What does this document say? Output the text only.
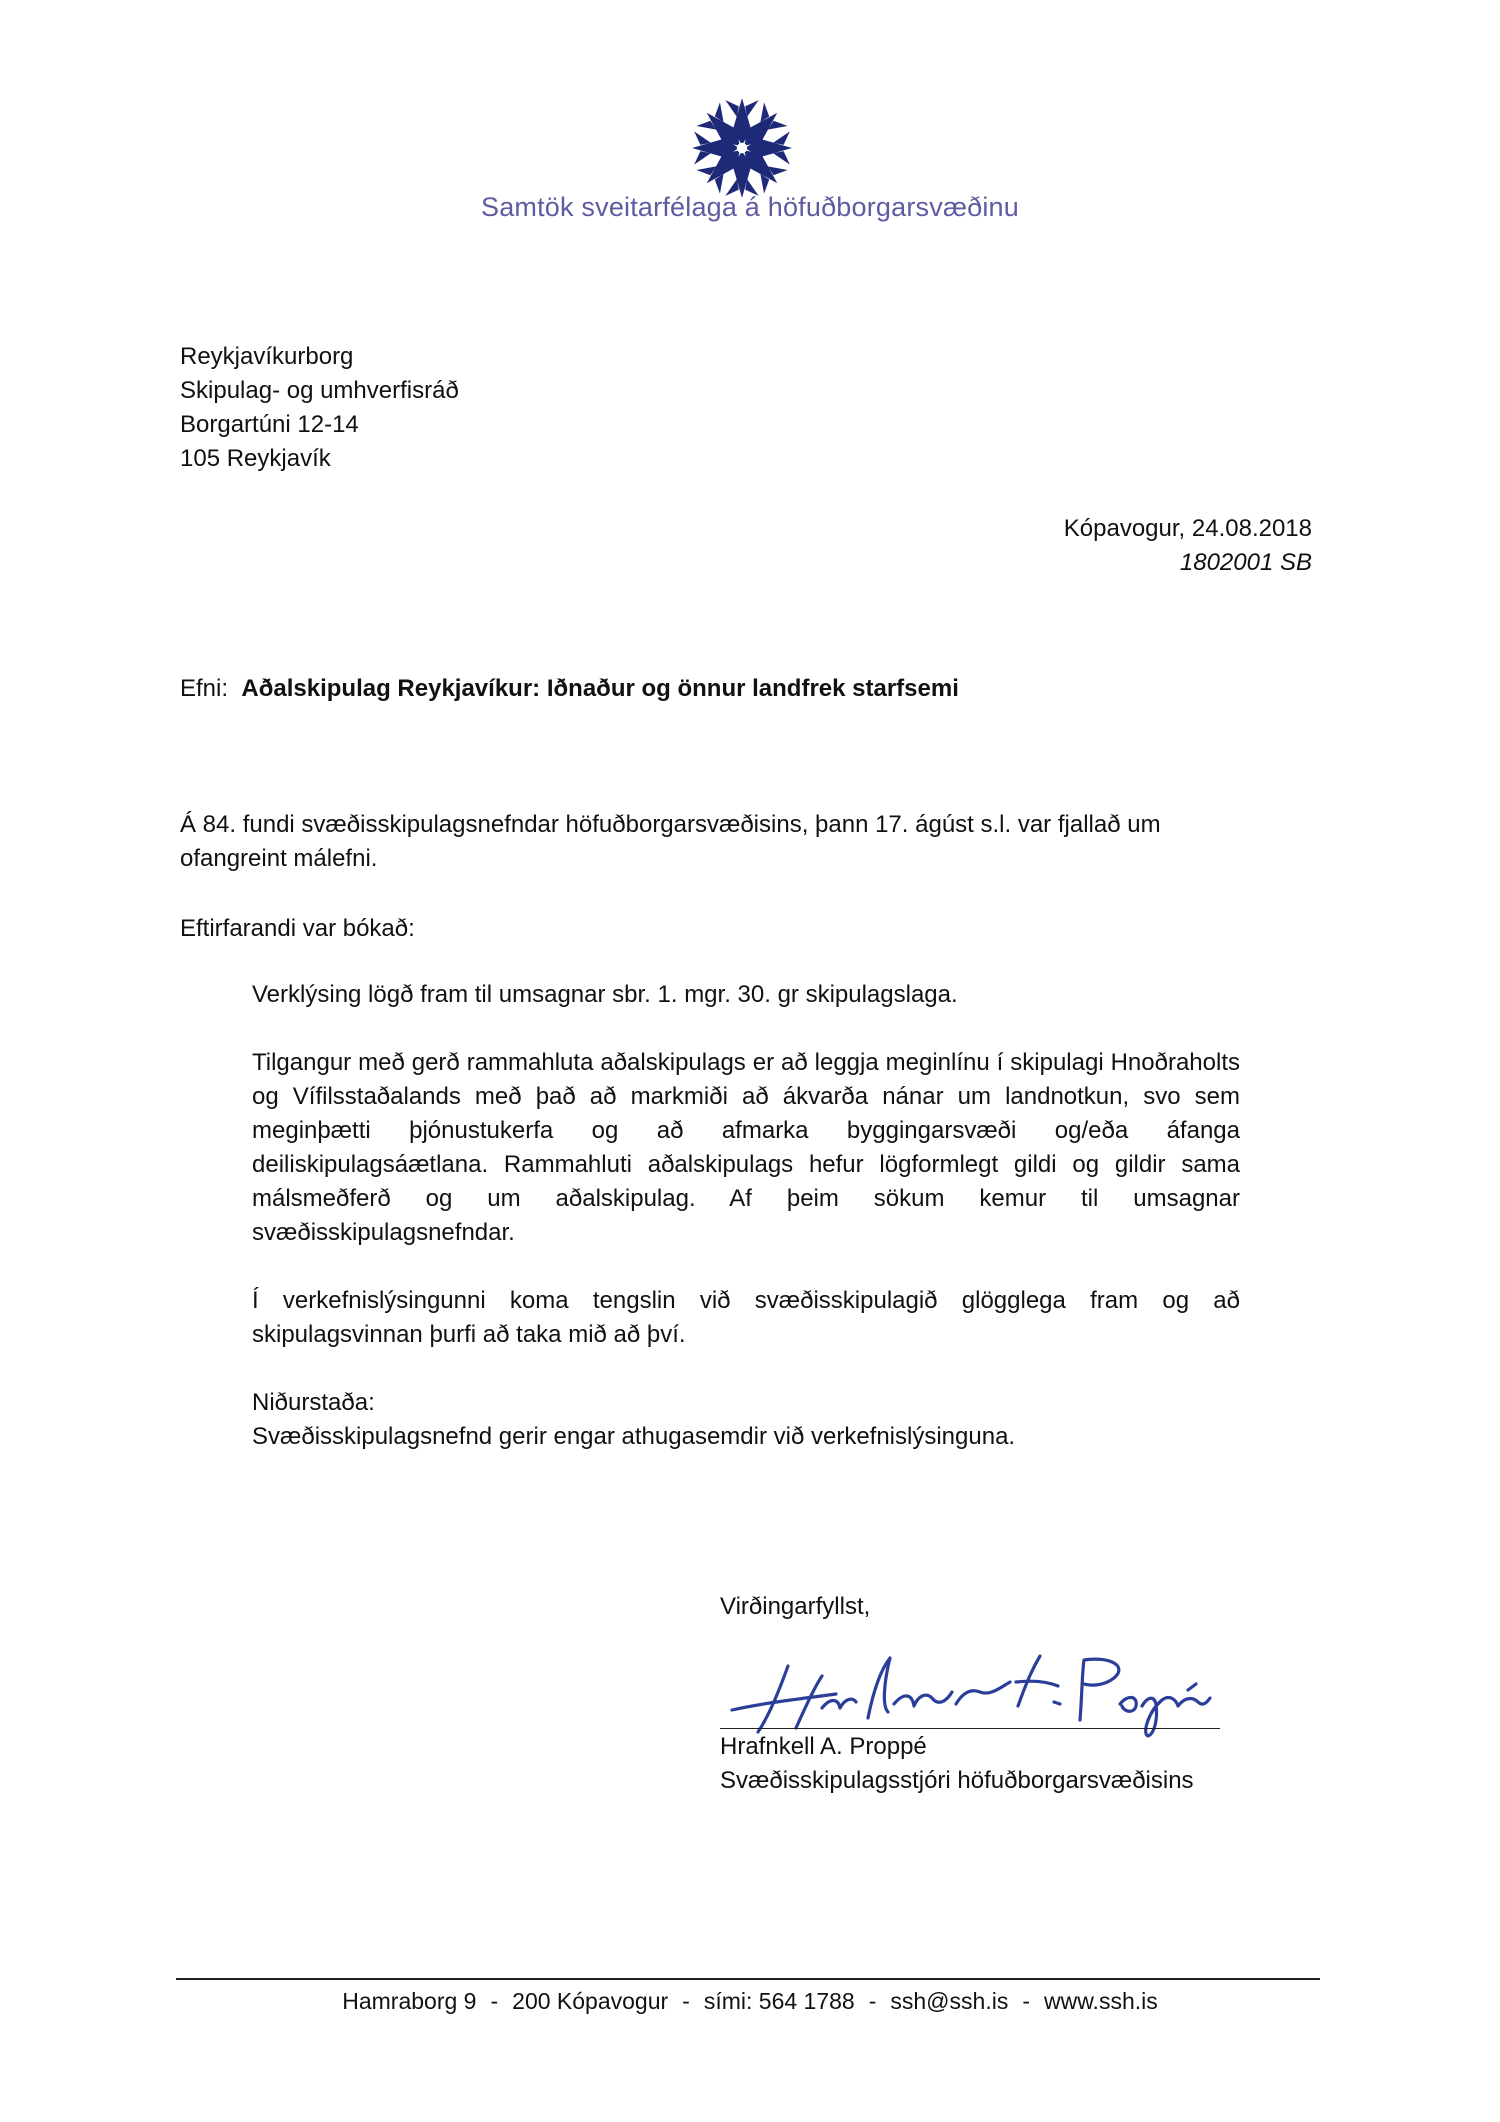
Samtök sveitarfélaga á höfuðborgarsvæðinu
Reykjavíkurborg
Skipulag- og umhverfisráð
Borgartúni 12-14
105 Reykjavík
Kópavogur, 24.08.2018
1802001 SB
Efni: Aðalskipulag Reykjavíkur: Iðnaður og önnur landfrek starfsemi
Á 84. fundi svæðisskipulagsnefndar höfuðborgarsvæðisins, þann 17. ágúst s.l. var fjallað um ofangreint málefni.
Eftirfarandi var bókað:
Verklýsing lögð fram til umsagnar sbr. 1. mgr. 30. gr skipulagslaga.
Tilgangur með gerð rammahluta aðalskipulags er að leggja meginlínu í skipulagi Hnoðraholts og Vífilsstaðalands með það að markmiði að ákvarða nánar um landnotkun, svo sem meginþætti þjónustukerfa og að afmarka byggingarsvæði og/eða áfanga deiliskipulagsáætlana. Rammahluti aðalskipulags hefur lögformlegt gildi og gildir sama málsmeðferð og um aðalskipulag. Af þeim sökum kemur til umsagnar svæðisskipulagsnefndar.
Í verkefnislýsingunni koma tengslin við svæðisskipulagið glögglega fram og að skipulagsvinnan þurfi að taka mið að því.
Niðurstaða:
Svæðisskipulagsnefnd gerir engar athugasemdir við verkefnislýsinguna.
Virðingarfyllst,
Hrafnkell A. Proppé
Svæðisskipulagsstjóri höfuðborgarsvæðisins
Hamraborg 9 - 200 Kópavogur - sími: 564 1788 - ssh@ssh.is - www.ssh.is
